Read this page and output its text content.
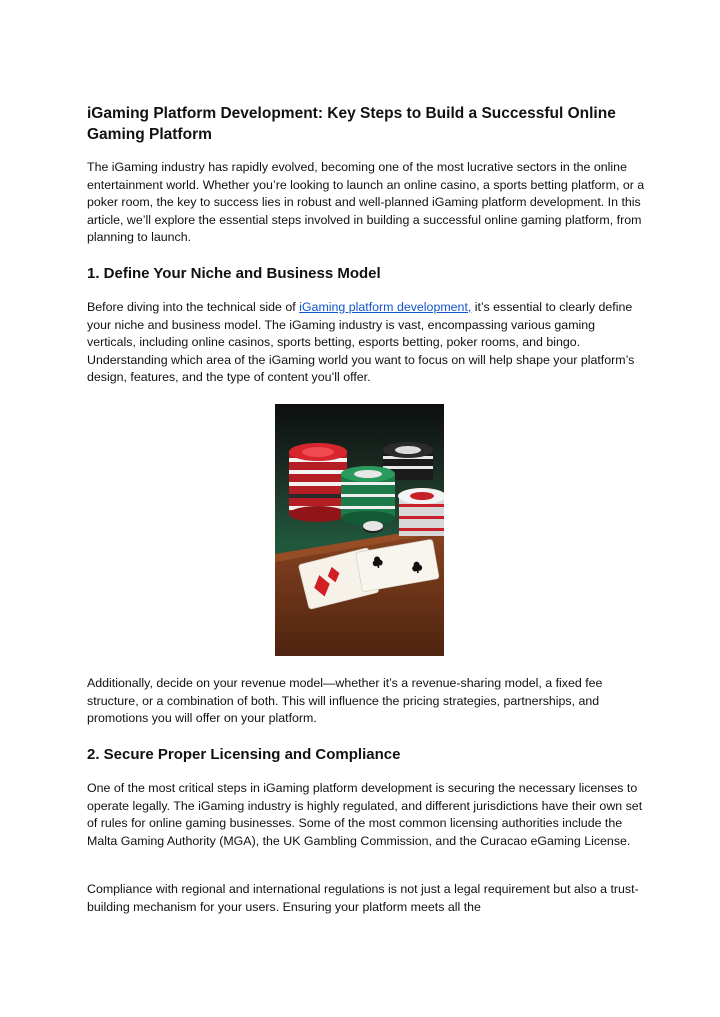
iGaming Platform Development: Key Steps to Build a Successful Online Gaming Platform

The iGaming industry has rapidly evolved, becoming one of the most lucrative sectors in the online entertainment world. Whether you’re looking to launch an online casino, a sports betting platform, or a poker room, the key to success lies in robust and well-planned iGaming platform development. In this article, we’ll explore the essential steps involved in building a successful online gaming platform, from planning to launch.

1. Define Your Niche and Business Model

Before diving into the technical side of iGaming platform development, it’s essential to clearly define your niche and business model. The iGaming industry is vast, encompassing various gaming verticals, including online casinos, sports betting, esports betting, poker rooms, and bingo. Understanding which area of the iGaming world you want to focus on will help shape your platform’s design, features, and the type of content you’ll offer.

Additionally, decide on your revenue model—whether it’s a revenue-sharing model, a fixed fee structure, or a combination of both. This will influence the pricing strategies, partnerships, and promotions you will offer on your platform.

2. Secure Proper Licensing and Compliance

One of the most critical steps in iGaming platform development is securing the necessary licenses to operate legally. The iGaming industry is highly regulated, and different jurisdictions have their own set of rules for online gaming businesses. Some of the most common licensing authorities include the Malta Gaming Authority (MGA), the UK Gambling Commission, and the Curacao eGaming License.

Compliance with regional and international regulations is not just a legal requirement but also a trust-building mechanism for your users. Ensuring your platform meets all the
